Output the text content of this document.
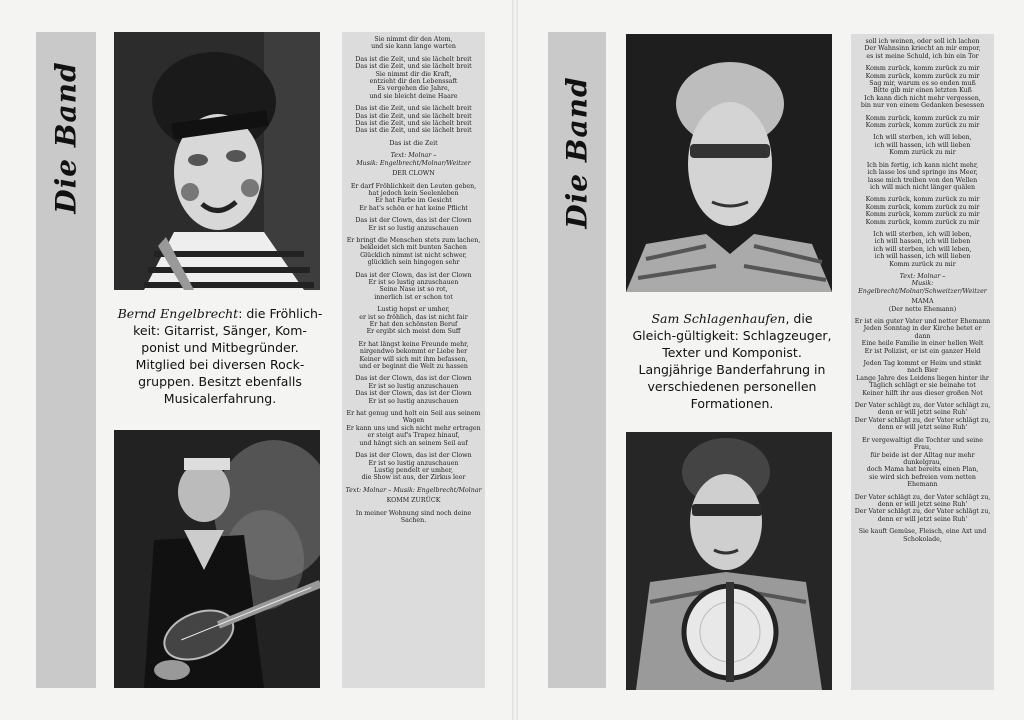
Die Band
Bernd Engelbrecht: die Fröhlich-keit: Gitarrist, Sänger, Kom-ponist und Mitbegründer. Mitglied bei diversen Rock-gruppen. Besitzt ebenfalls Musicalerfahrung.
Sie nimmt dir den Atem,
und sie kann lange warten
Das ist die Zeit, und sie lächelt breit
Das ist die Zeit, und sie lächelt breit
Sie nimmt dir die Kraft,
entzieht dir den Lebenssaft
Es vergehen die Jahre,
und sie bleicht deine Haare
Das ist die Zeit, und sie lächelt breit
Das ist die Zeit, und sie lächelt breit
Das ist die Zeit, und sie lächelt breit
Das ist die Zeit, und sie lächelt breit
Das ist die Zeit
Text: Molnar –
Musik: Engelbrecht/Molnar/Weitzer
DER CLOWN
Er darf Fröhlichkeit den Leuten geben,
hat jedoch kein Seelenleben
Er hat Farbe im Gesicht
Er hat's schön er hat keine Pflicht
Das ist der Clown, das ist der Clown
Er ist so lustig anzuschauen
Er bringt die Menschen stets zum lachen,
bekleidet sich mit bunten Sachen
Glücklich nimmt ist nicht schwer,
glücklich sein hingegen sehr
Das ist der Clown, das ist der Clown
Er ist so lustig anzuschauen
Seine Nase ist so rot,
innerlich ist er schon tot
Lustig hopst er umher,
er ist so fröhlich, das ist nicht fair
Er hat den schönsten Beruf
Er ergibt sich meist dem Suff
Er hat längst keine Freunde mehr,
nirgendwo bekommt er Liebe her
Keiner will sich mit ihm befassen,
und er beginnt die Welt zu hassen
Das ist der Clown, das ist der Clown
Er ist so lustig anzuschauen
Das ist der Clown, das ist der Clown
Er ist so lustig anzuschauen
Er hat genug und holt ein Seil aus seinem Wagen
Er kann uns und sich nicht mehr ertragen
er steigt auf's Trapez hinauf,
und hängt sich an seinem Seil auf
Das ist der Clown, das ist der Clown
Er ist so lustig anzuschauen
Lustig pendelt er umher,
die Show ist aus, der Zirkus leer
Text: Molnar – Musik: Engelbrecht/Molnar
KOMM ZURÜCK
In meiner Wohnung sind noch deine
Sachen.
Die Band
Sam Schlagenhaufen, die Gleich-gültigkeit: Schlagzeuger, Texter und Komponist. Langjährige Banderfahrung in verschiedenen personellen Formationen.
soll ich weinen, oder soll ich lachen
Der Wahnsinn kriecht an mir empor,
es ist meine Schuld, ich bin ein Tor
Komm zurück, komm zurück zu mir
Komm zurück, komm zurück zu mir
Sag mir, warum es so enden muß
Bitte gib mir einen letzten Kuß
Ich kann dich nicht mehr vergessen,
bin nur von einem Gedanken besessen
Komm zurück, komm zurück zu mir
Komm zurück, komm zurück zu mir
Ich will sterben, ich will leben,
ich will hassen, ich will lieben
Komm zurück zu mir
Ich bin fertig, ich kann nicht mehr,
ich lasse los und springe ins Meer,
lasse mich treiben von den Wellen
ich will mich nicht länger quälen
Komm zurück, komm zurück zu mir
Komm zurück, komm zurück zu mir
Komm zurück, komm zurück zu mir
Komm zurück, komm zurück zu mir
Ich will sterben, ich will leben,
ich will hassen, ich will lieben
ich will sterben, ich will leben,
ich will hassen, ich will lieben
Komm zurück zu mir
Text: Molnar –
Musik: Engelbrecht/Molnar/Schweitzer/Weitzer
MAMA
(Der nette Ehemann)
Er ist ein guter Vater und netter Ehemann
Jeden Sonntag in der Kirche betet er
dann
Eine heile Familie in einer hellen Welt
Er ist Polizist, er ist ein ganzer Held
Jeden Tag kommt er Heim und stinkt
nach Bier
Lange Jahre des Leidens liegen hinter ihr
Täglich schlägt er sie beinahe tot
Keiner hilft ihr aus dieser großen Not
Der Vater schlägt zu, der Vater schlägt zu,
denn er will jetzt seine Ruh'
Der Vater schlägt zu, der Vater schlägt zu,
denn er will jetzt seine Ruh'
Er vergewaltigt die Tochter und seine
Frau,
für beide ist der Alltag nur mehr
dunkelgrau,
doch Mama hat bereits einen Plan,
sie wird sich befreien vom netten
Ehemann
Der Vater schlägt zu, der Vater schlägt zu,
denn er will jetzt seine Ruh'
Der Vater schlägt zu, der Vater schlägt zu,
denn er will jetzt seine Ruh'
Sie kauft Gemüse, Fleisch, eine Axt und
Schokolade,
